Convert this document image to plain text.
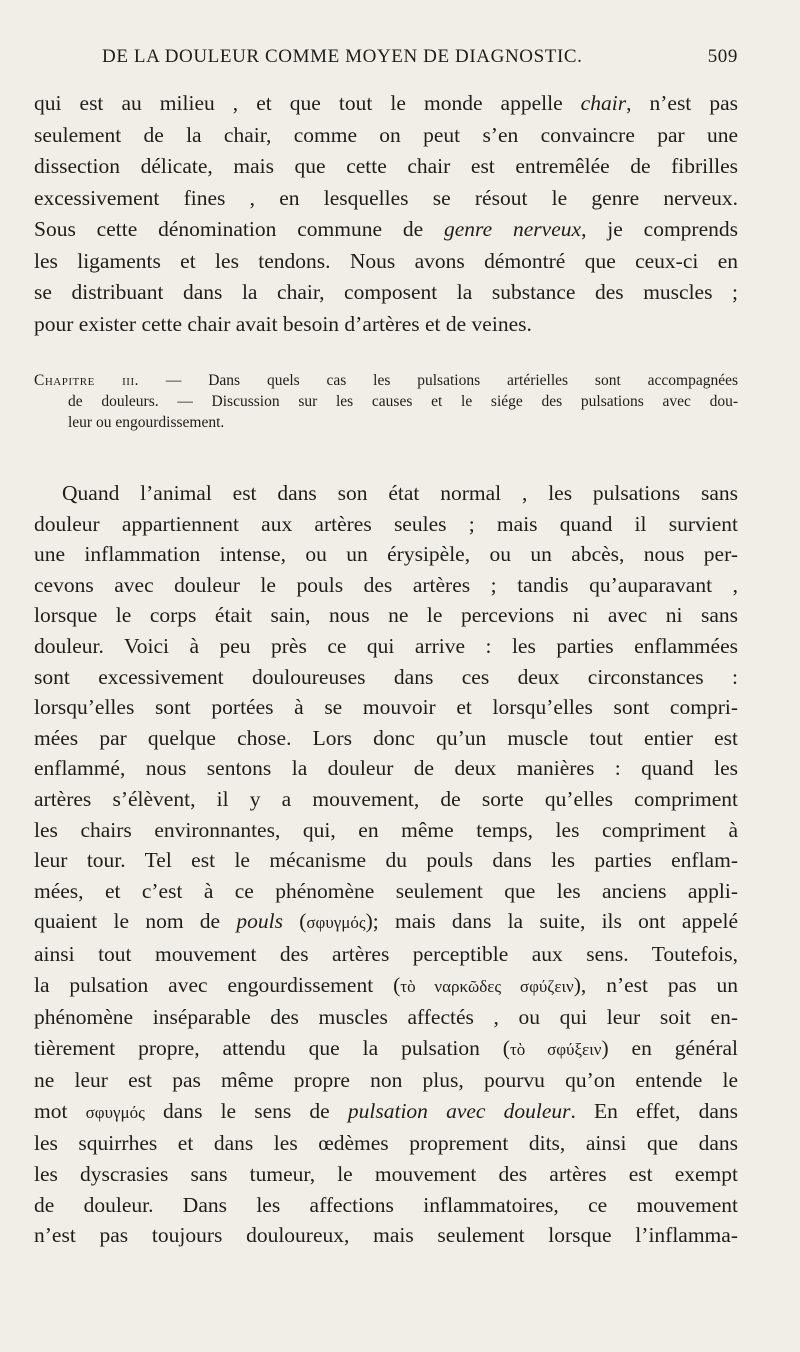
DE LA DOULEUR COMME MOYEN DE DIAGNOSTIC.	509
qui est au milieu , et que tout le monde appelle chair, n’est pas
seulement de la chair, comme on peut s’en convaincre par une
dissection délicate, mais que cette chair est entremêlée de fibrilles
excessivement fines , en lesquelles se résout le genre nerveux.
Sous cette dénomination commune de genre nerveux, je comprends
les ligaments et les tendons. Nous avons démontré que ceux-ci en
se distribuant dans la chair, composent la substance des muscles ;
pour exister cette chair avait besoin d’artères et de veines.
Chapitre iii. — Dans quels cas les pulsations artérielles sont accompagnées
de douleurs. — Discussion sur les causes et le siége des pulsations avec dou-
leur ou engourdissement.
Quand l’animal est dans son état normal , les pulsations sans
douleur appartiennent aux artères seules ; mais quand il survient
une inflammation intense, ou un érysipèle, ou un abcès, nous per-
cevons avec douleur le pouls des artères ; tandis qu’auparavant ,
lorsque le corps était sain, nous ne le percevions ni avec ni sans
douleur. Voici à peu près ce qui arrive : les parties enflammées
sont excessivement douloureuses dans ces deux circonstances :
lorsqu’elles sont portées à se mouvoir et lorsqu’elles sont compri-
mées par quelque chose. Lors donc qu’un muscle tout entier est
enflammé, nous sentons la douleur de deux manières : quand les
artères s’élèvent, il y a mouvement, de sorte qu’elles compriment
les chairs environnantes, qui, en même temps, les compriment à
leur tour. Tel est le mécanisme du pouls dans les parties enflam-
mées, et c’est à ce phénomène seulement que les anciens appli-
quaient le nom de pouls (σφυγμός); mais dans la suite, ils ont appelé
ainsi tout mouvement des artères perceptible aux sens. Toutefois,
la pulsation avec engourdissement (τὸ ναρκῶδες σφύζειν), n’est pas un
phénomène inséparable des muscles affectés , ou qui leur soit en-
tièrement propre, attendu que la pulsation (τὸ σφύξειν) en général
ne leur est pas même propre non plus, pourvu qu’on entende le
mot σφυγμός dans le sens de pulsation avec douleur. En effet, dans
les squirrhes et dans les œdèmes proprement dits, ainsi que dans
les dyscrasies sans tumeur, le mouvement des artères est exempt
de douleur. Dans les affections inflammatoires, ce mouvement
n’est pas toujours douloureux, mais seulement lorsque l’inflamma-
